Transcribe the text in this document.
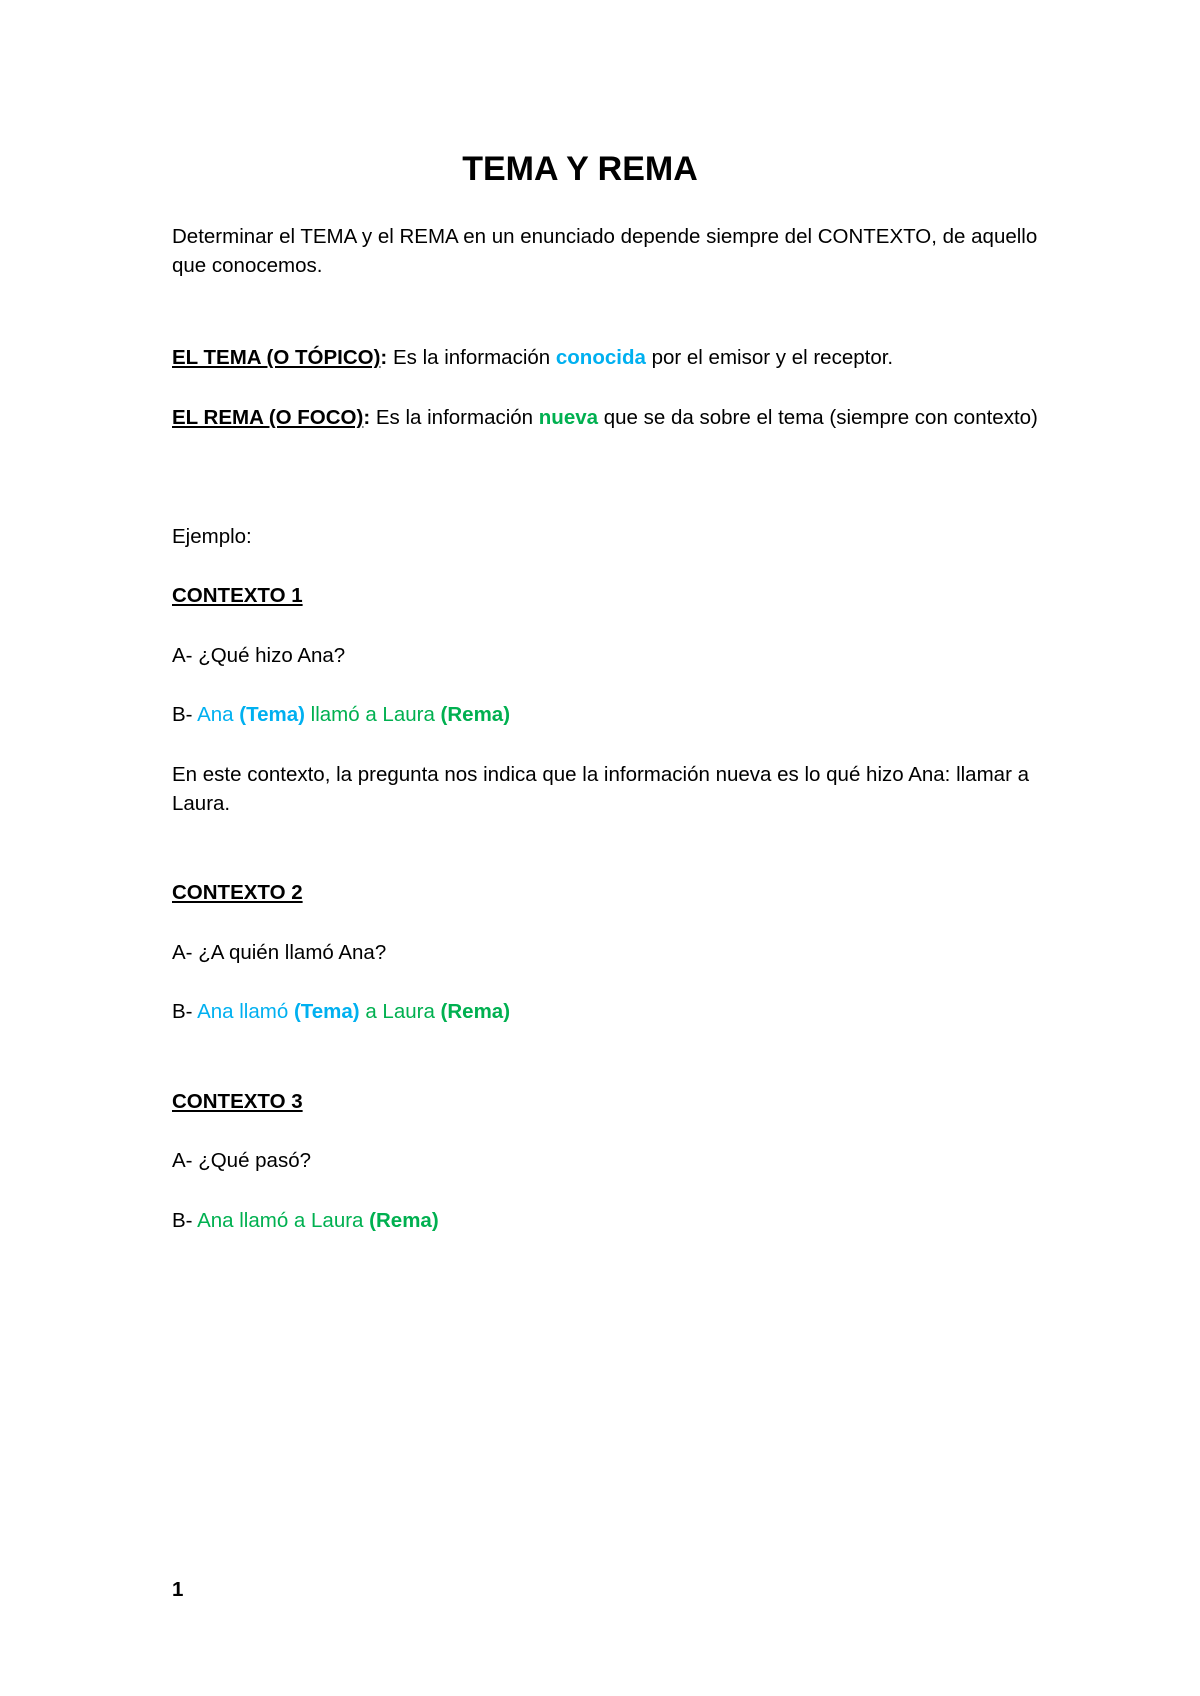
TEMA Y REMA

Determinar el TEMA y el REMA en un enunciado depende siempre del CONTEXTO, de aquello que conocemos.

EL TEMA (O TÓPICO): Es la información conocida por el emisor y el receptor.

EL REMA (O FOCO): Es la información nueva que se da sobre el tema (siempre con contexto)

Ejemplo:

CONTEXTO 1

A- ¿Qué hizo Ana?

B- Ana (Tema) llamó a Laura (Rema)

En este contexto, la pregunta nos indica que la información nueva es lo qué hizo Ana: llamar a Laura.

CONTEXTO 2

A- ¿A quién llamó Ana?

B- Ana llamó (Tema) a Laura (Rema)

CONTEXTO 3

A- ¿Qué pasó?

B- Ana llamó a Laura (Rema)

1
